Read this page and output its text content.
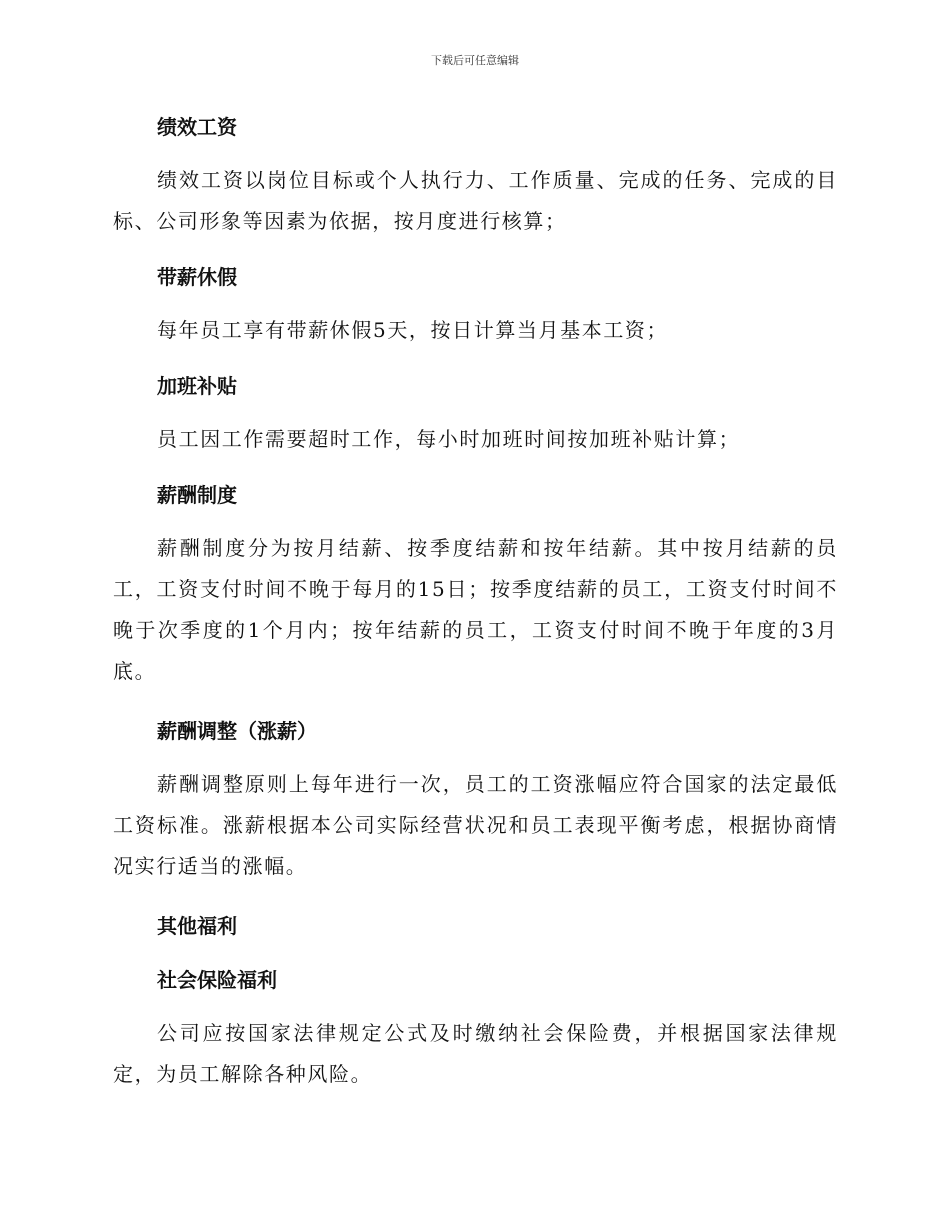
下载后可任意编辑
绩效工资

绩效工资以岗位目标或个人执行力、工作质量、完成的任务、完成的目标、公司形象等因素为依据，按月度进行核算；

带薪休假

每年员工享有带薪休假5天，按日计算当月基本工资；

加班补贴

员工因工作需要超时工作，每小时加班时间按加班补贴计算；

薪酬制度

薪酬制度分为按月结薪、按季度结薪和按年结薪。其中按月结薪的员工，工资支付时间不晚于每月的15日；按季度结薪的员工，工资支付时间不晚于次季度的1个月内；按年结薪的员工，工资支付时间不晚于年度的3月底。

薪酬调整（涨薪）

薪酬调整原则上每年进行一次，员工的工资涨幅应符合国家的法定最低工资标准。涨薪根据本公司实际经营状况和员工表现平衡考虑，根据协商情况实行适当的涨幅。

其他福利
社会保险福利

公司应按国家法律规定公式及时缴纳社会保险费，并根据国家法律规定，为员工解除各种风险。
